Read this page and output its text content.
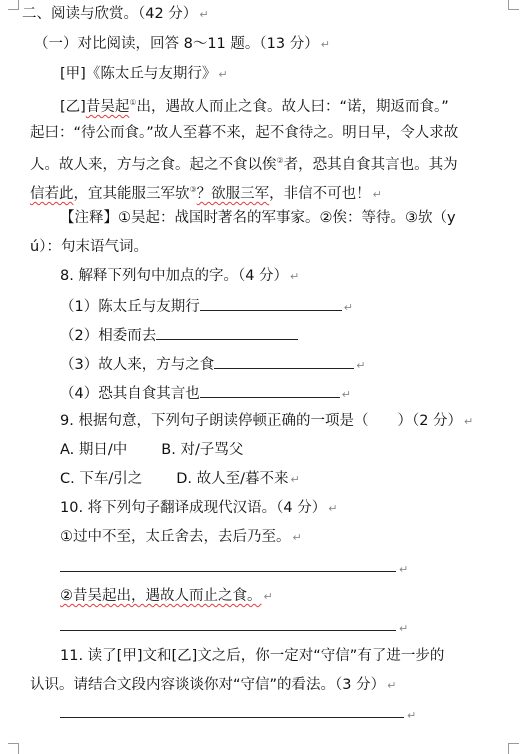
二、阅读与欣赏。（42 分） ↵
（一）对比阅读，回答 8～11 题。（13 分） ↵
[甲]《陈太丘与友期行》 ↵
[乙]昔吴起①出，遇故人而止之食。故人曰：“诺，期返而食。”
起曰：“待公而食。”故人至暮不来，起不食待之。明日早，令人求故
人。故人来，方与之食。起之不食以俟②者，恐其自食其言也。其为
信若此，宜其能服三军欤③？欲服三军，非信不可也！ ↵
【注释】①吴起：战国时著名的军事家。②俟：等待。③欤（y
ú）：句末语气词。
8. 解释下列句中加点的字。（4 分） ↵
（1）陈太丘与友期行	↵
（2）相委而去
（3）故人来，方与之食	↵
（4）恐其自食其言也	↵
9. 根据句意，下列句子朗读停顿正确的一项是（　　）（2 分） ↵
A. 期日/中 B. 对/子骂父
C. 下车/引之 D. 故人至/暮不来 ↵
10. 将下列句子翻译成现代汉语。（4 分） ↵
①过中不至，太丘舍去，去后乃至。 ↵
↵
②昔吴起出，遇故人而止之食。 ↵
↵
11. 读了[甲]文和[乙]文之后，你一定对“守信”有了进一步的
认识。请结合文段内容谈谈你对“守信”的看法。（3 分） ↵
↵
